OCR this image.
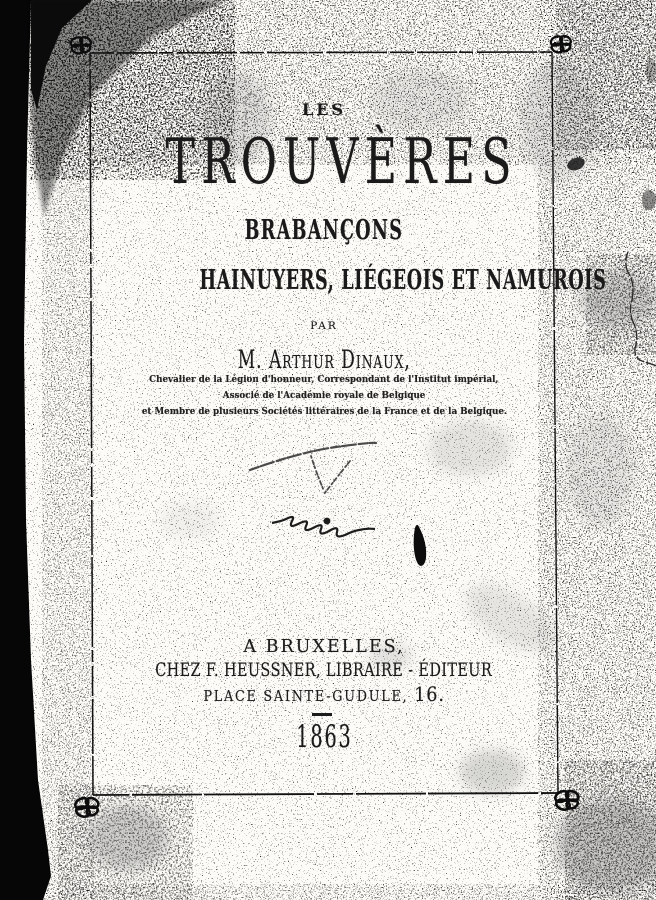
LES
TROUVÈRES
BRABANÇONS
HAINUYERS, LIÉGEOIS ET NAMUROIS
PAR
M. Arthur Dinaux,
Chevalier de la Légion d'honneur, Correspondant de l'Institut impérial,
Associé de l'Académie royale de Belgique
et Membre de plusieurs Sociétés littéraires de la France et de la Belgique.
A BRUXELLES,
CHEZ F. HEUSSNER, LIBRAIRE - ÉDITEUR
PLACE SAINTE-GUDULE, 16.
1863
